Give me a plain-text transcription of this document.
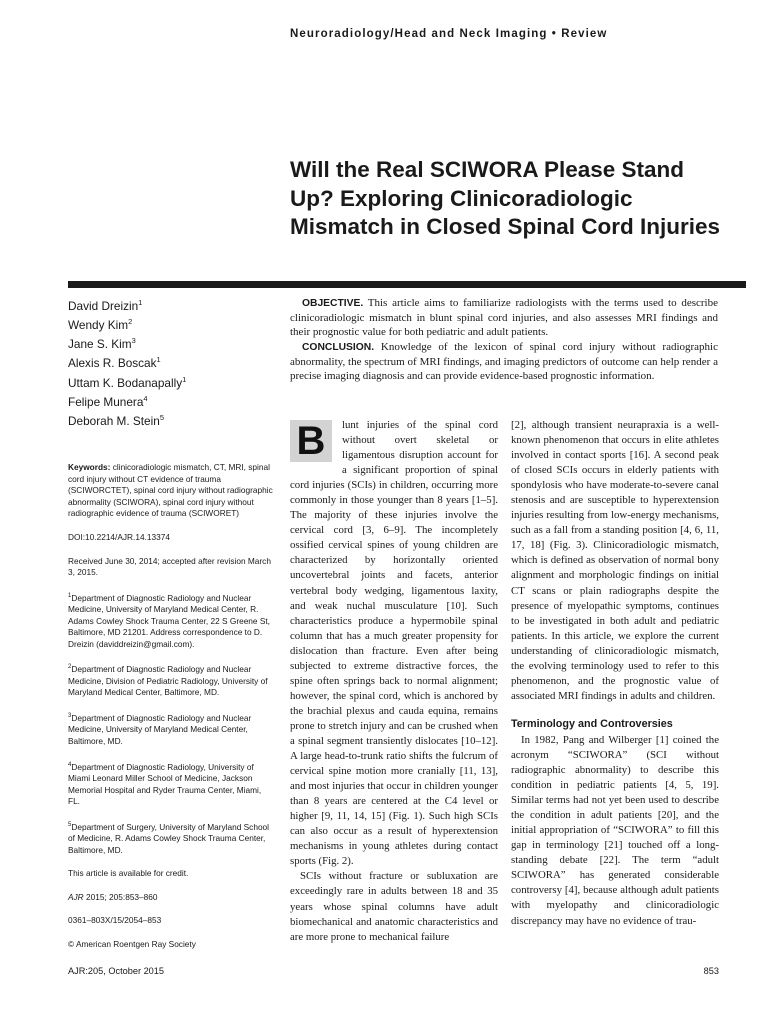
Neuroradiology/Head and Neck Imaging • Review
Will the Real SCIWORA Please Stand Up? Exploring Clinicoradiologic Mismatch in Closed Spinal Cord Injuries
David Dreizin$^1$
Wendy Kim$^2$
Jane S. Kim$^3$
Alexis R. Boscak$^1$
Uttam K. Bodanapally$^1$
Felipe Munera$^4$
Deborah M. Stein$^5$

Keywords: clinicoradiologic mismatch, CT, MRI, spinal cord injury without CT evidence of trauma (SCIWORCTET), spinal cord injury without radiographic abnormality (SCIWORA), spinal cord injury without radiographic evidence of trauma (SCIWORET)

DOI:10.2214/AJR.14.13374

Received June 30, 2014; accepted after revision March 3, 2015.

$^1$Department of Diagnostic Radiology and Nuclear Medicine, University of Maryland Medical Center, R. Adams Cowley Shock Trauma Center, 22 S Greene St, Baltimore, MD 21201. Address correspondence to D. Dreizin (daviddreizin@gmail.com).

$^2$Department of Diagnostic Radiology and Nuclear Medicine, Division of Pediatric Radiology, University of Maryland Medical Center, Baltimore, MD.

$^3$Department of Diagnostic Radiology and Nuclear Medicine, University of Maryland Medical Center, Baltimore, MD.

$^4$Department of Diagnostic Radiology, University of Miami Leonard Miller School of Medicine, Jackson Memorial Hospital and Ryder Trauma Center, Miami, FL.

$^5$Department of Surgery, University of Maryland School of Medicine, R. Adams Cowley Shock Trauma Center, Baltimore, MD.

This article is available for credit.

AJR 2015; 205:853–860

0361–803X/15/2054–853

© American Roentgen Ray Society

OBJECTIVE. This article aims to familiarize radiologists with the terms used to describe clinicoradiologic mismatch in blunt spinal cord injuries, and also assesses MRI findings and their prognostic value for both pediatric and adult patients.

CONCLUSION. Knowledge of the lexicon of spinal cord injury without radiographic abnormality, the spectrum of MRI findings, and imaging predictors of outcome can help render a precise imaging diagnosis and can provide evidence-based prognostic information.

B	lunt injuries of the spinal cord without overt skeletal or ligamentous disruption account for a significant proportion of spinal cord injuries (SCIs) in children, occurring more commonly in those younger than 8 years [1–5]. The majority of these injuries involve the cervical cord [3, 6–9]. The incompletely ossified cervical spines of young children are characterized by horizontally oriented uncovertebral joints and facets, anterior vertebral body wedging, ligamentous laxity, and weak nuchal musculature [10]. Such characteristics produce a hypermobile spinal column that has a much greater propensity for dislocation than fracture. Even after being subjected to extreme distractive forces, the spine often springs back to normal alignment; however, the spinal cord, which is anchored by the brachial plexus and cauda equina, remains prone to stretch injury and can be crushed when a spinal segment transiently dislocates [10–12]. A large head-to-trunk ratio shifts the fulcrum of cervical spine motion more cranially [11, 13], and most injuries that occur in children younger than 8 years are centered at the C4 level or higher [9, 11, 14, 15] (Fig. 1). Such high SCIs can also occur as a result of hyperextension mechanisms in young athletes during contact sports (Fig. 2).

SCIs without fracture or subluxation are exceedingly rare in adults between 18 and 35 years whose spinal columns have adult biomechanical and anatomic characteristics and are more prone to mechanical failure

[2], although transient neurapraxia is a well-known phenomenon that occurs in elite athletes involved in contact sports [16]. A second peak of closed SCIs occurs in elderly patients with spondylosis who have moderate-to-severe canal stenosis and are susceptible to hyperextension injuries resulting from low-energy mechanisms, such as a fall from a standing position [4, 6, 11, 17, 18] (Fig. 3). Clinicoradiologic mismatch, which is defined as observation of normal bony alignment and morphologic findings on initial CT scans or plain radiographs despite the presence of myelopathic symptoms, continues to be investigated in both adult and pediatric patients. In this article, we explore the current understanding of clinicoradiologic mismatch, the evolving terminology used to refer to this phenomenon, and the prognostic value of associated MRI findings in adults and children.

Terminology and Controversies

In 1982, Pang and Wilberger [1] coined the acronym “SCIWORA” (SCI without radiographic abnormality) to describe this condition in pediatric patients [4, 5, 19]. Similar terms had not yet been used to describe the condition in adult patients [20], and the initial appropriation of “SCIWORA” to fill this gap in terminology [21] touched off a long-standing debate [22]. The term “adult SCIWORA” has generated considerable controversy [4], because although adult patients with myelopathy and clinicoradiologic discrepancy may have no evidence of trau-

AJR:205, October 2015	853
